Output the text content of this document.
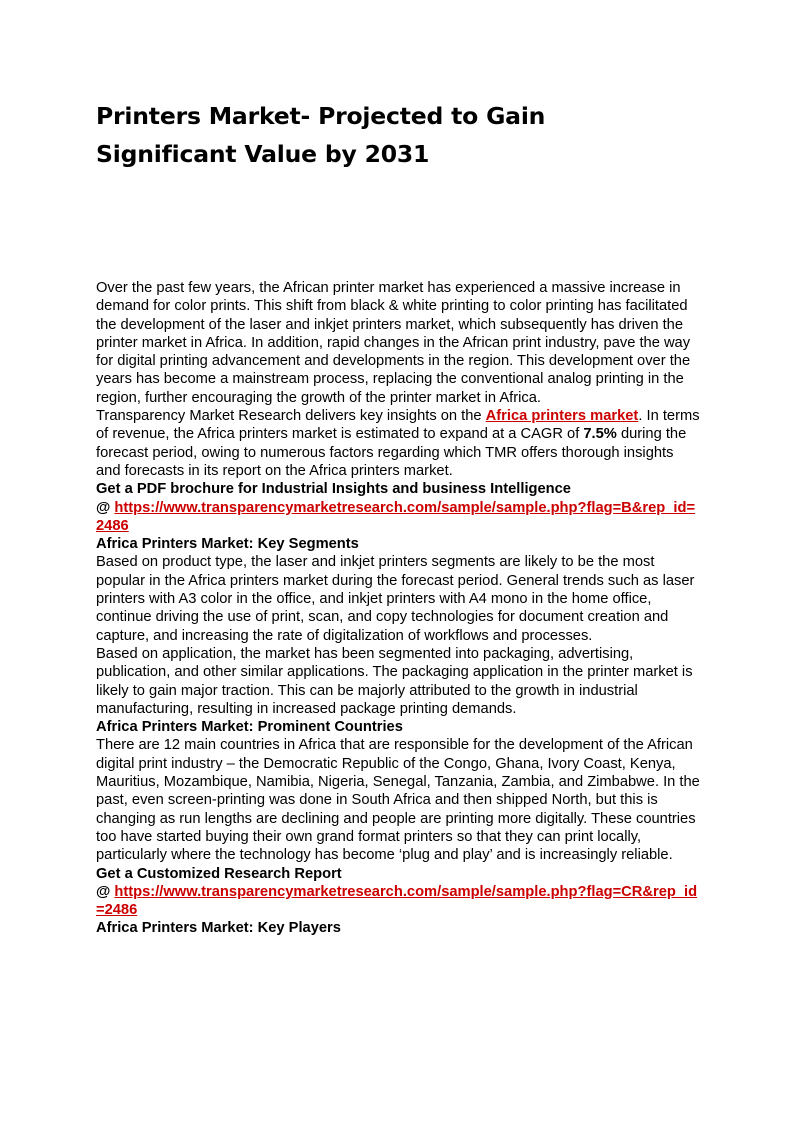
Printers Market- Projected to Gain
Significant Value by 2031

Over the past few years, the African printer market has experienced a massive increase in demand for color prints. This shift from black & white printing to color printing has facilitated the development of the laser and inkjet printers market, which subsequently has driven the printer market in Africa. In addition, rapid changes in the African print industry, pave the way for digital printing advancement and developments in the region. This development over the years has become a mainstream process, replacing the conventional analog printing in the region, further encouraging the growth of the printer market in Africa.

Transparency Market Research delivers key insights on the Africa printers market. In terms of revenue, the Africa printers market is estimated to expand at a CAGR of 7.5% during the forecast period, owing to numerous factors regarding which TMR offers thorough insights and forecasts in its report on the Africa printers market.

Get a PDF brochure for Industrial Insights and business Intelligence

@ https://www.transparencymarketresearch.com/sample/sample.php?flag=B&rep_id=2486

Africa Printers Market: Key Segments

Based on product type, the laser and inkjet printers segments are likely to be the most popular in the Africa printers market during the forecast period. General trends such as laser printers with A3 color in the office, and inkjet printers with A4 mono in the home office, continue driving the use of print, scan, and copy technologies for document creation and capture, and increasing the rate of digitalization of workflows and processes.

Based on application, the market has been segmented into packaging, advertising, publication, and other similar applications. The packaging application in the printer market is likely to gain major traction. This can be majorly attributed to the growth in industrial manufacturing, resulting in increased package printing demands.

Africa Printers Market: Prominent Countries

There are 12 main countries in Africa that are responsible for the development of the African digital print industry – the Democratic Republic of the Congo, Ghana, Ivory Coast, Kenya, Mauritius, Mozambique, Namibia, Nigeria, Senegal, Tanzania, Zambia, and Zimbabwe. In the past, even screen-printing was done in South Africa and then shipped North, but this is changing as run lengths are declining and people are printing more digitally. These countries too have started buying their own grand format printers so that they can print locally, particularly where the technology has become ‘plug and play’ and is increasingly reliable.

Get a Customized Research Report

@ https://www.transparencymarketresearch.com/sample/sample.php?flag=CR&rep_id=2486

Africa Printers Market: Key Players
